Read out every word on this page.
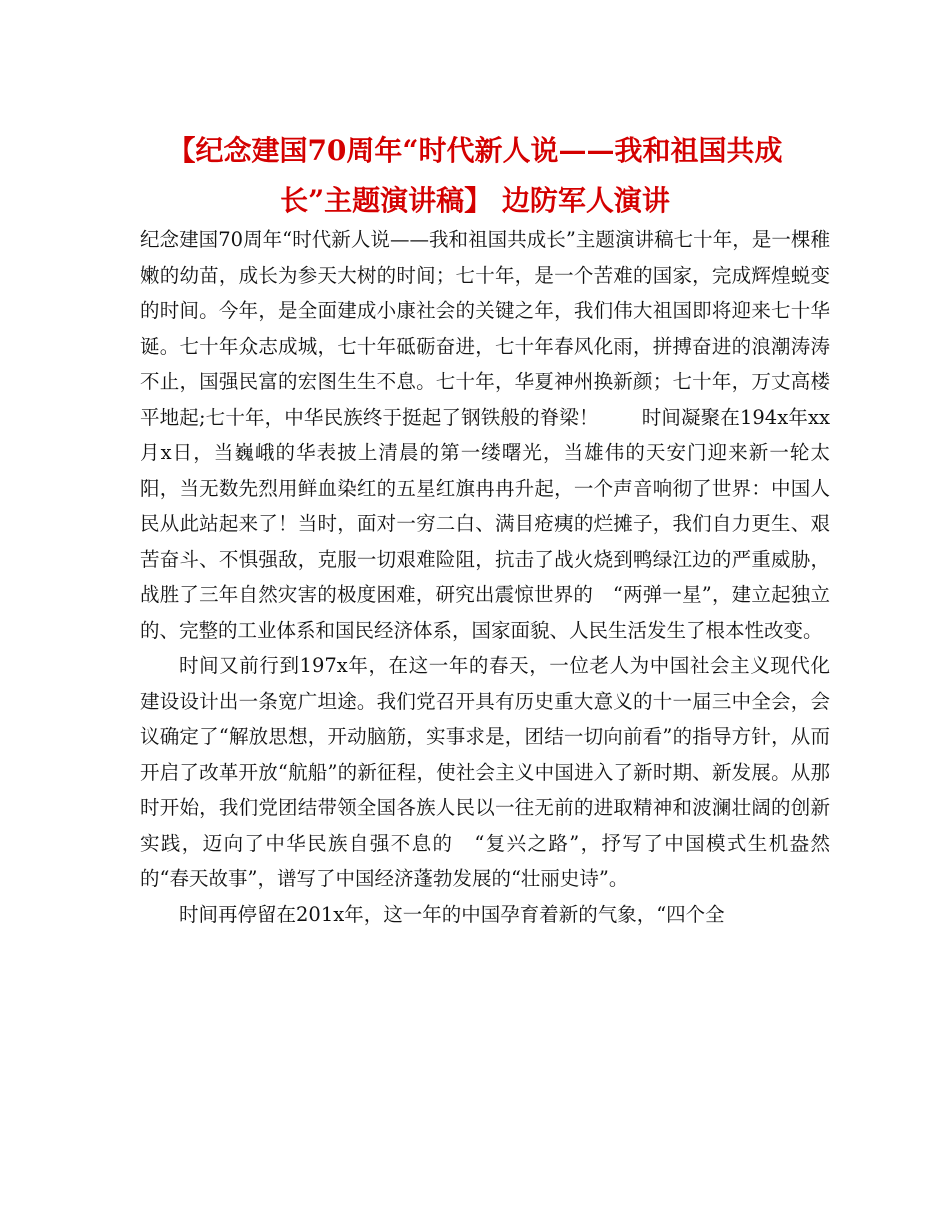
【纪念建国70周年“时代新人说——我和祖国共成长”主题演讲稿】 边防军人演讲

纪念建国70周年“时代新人说——我和祖国共成长”主题演讲稿七十年，是一棵稚嫩的幼苗，成长为参天大树的时间；七十年，是一个苦难的国家，完成辉煌蜕变的时间。今年，是全面建成小康社会的关键之年，我们伟大祖国即将迎来七十华诞。七十年众志成城，七十年砥砺奋进，七十年春风化雨，拼搏奋进的浪潮涛涛不止，国强民富的宏图生生不息。七十年，华夏神州换新颜；七十年，万丈高楼平地起;七十年，中华民族终于挺起了钢铁般的脊梁！ 时间凝聚在194x年xx月x日，当巍峨的华表披上清晨的第一缕曙光，当雄伟的天安门迎来新一轮太阳，当无数先烈用鲜血染红的五星红旗冉冉升起，一个声音响彻了世界：中国人民从此站起来了！当时，面对一穷二白、满目疮痍的烂摊子，我们自力更生、艰苦奋斗、不惧强敌，克服一切艰难险阻，抗击了战火烧到鸭绿江边的严重威胁，战胜了三年自然灾害的极度困难，研究出震惊世界的　“两弹一星”，建立起独立的、完整的工业体系和国民经济体系，国家面貌、人民生活发生了根本性改变。

时间又前行到197x年，在这一年的春天，一位老人为中国社会主义现代化建设设计出一条宽广坦途。我们党召开具有历史重大意义的十一届三中全会，会议确定了“解放思想，开动脑筋，实事求是，团结一切向前看”的指导方针，从而开启了改革开放“航船”的新征程，使社会主义中国进入了新时期、新发展。从那时开始，我们党团结带领全国各族人民以一往无前的进取精神和波澜壮阔的创新实践，迈向了中华民族自强不息的　“复兴之路”，抒写了中国模式生机盎然的“春天故事”，谱写了中国经济蓬勃发展的“壮丽史诗”。

时间再停留在201x年，这一年的中国孕育着新的气象，“四个全
